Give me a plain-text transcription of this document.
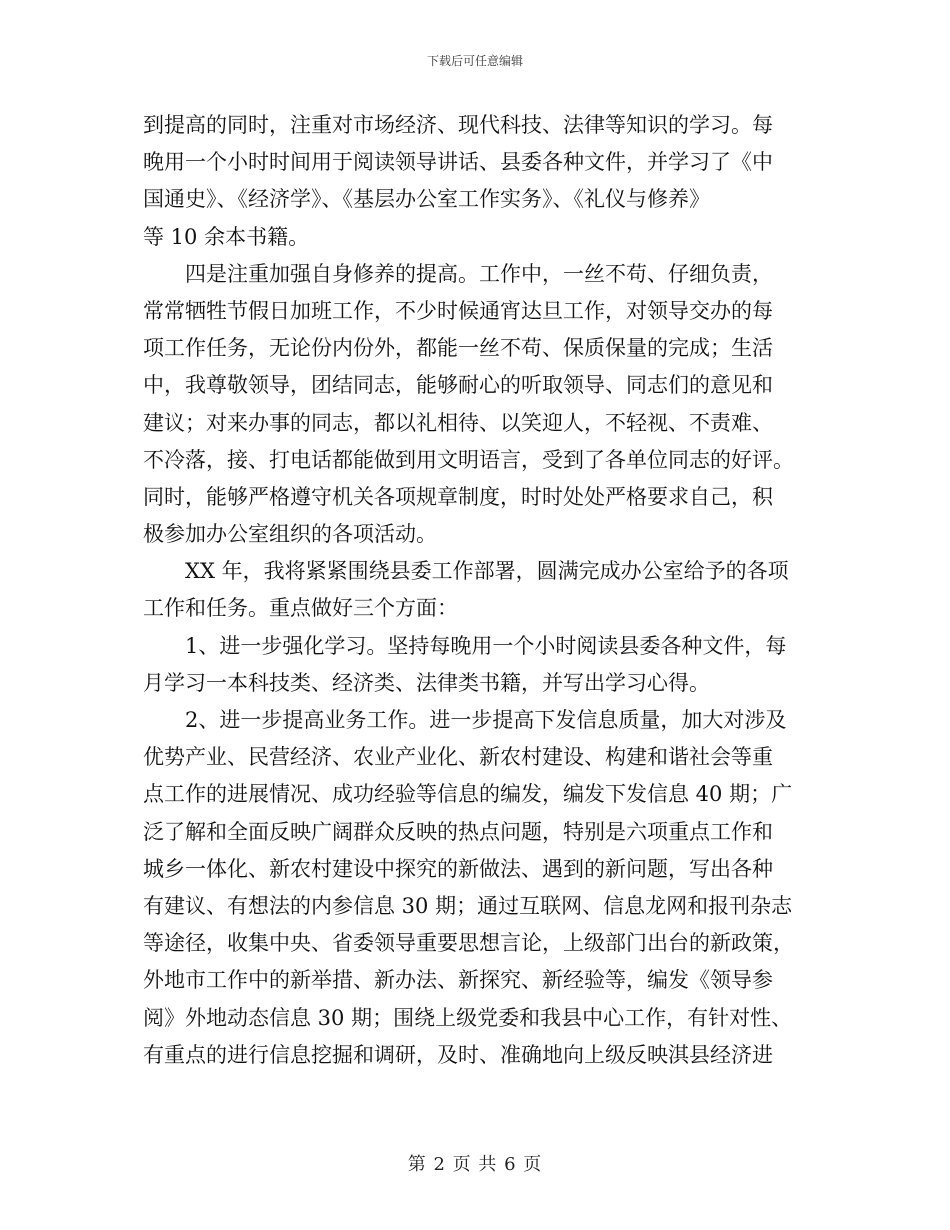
下载后可任意编辑

到提高的同时，注重对市场经济、现代科技、法律等知识的学习。每
晚用一个小时时间用于阅读领导讲话、县委各种文件，并学习了《中
国通史》、《经济学》、《基层办公室工作实务》、《礼仪与修养》
等 10 余本书籍。

四是注重加强自身修养的提高。工作中，一丝不苟、仔细负责，
常常牺牲节假日加班工作，不少时候通宵达旦工作，对领导交办的每
项工作任务，无论份内份外，都能一丝不苟、保质保量的完成；生活
中，我尊敬领导，团结同志，能够耐心的听取领导、同志们的意见和
建议；对来办事的同志，都以礼相待、以笑迎人，不轻视、不责难、
不冷落，接、打电话都能做到用文明语言，受到了各单位同志的好评。
同时，能够严格遵守机关各项规章制度，时时处处严格要求自己，积
极参加办公室组织的各项活动。

XX 年，我将紧紧围绕县委工作部署，圆满完成办公室给予的各项
工作和任务。重点做好三个方面：

1、进一步强化学习。坚持每晚用一个小时阅读县委各种文件，每
月学习一本科技类、经济类、法律类书籍，并写出学习心得。

2、进一步提高业务工作。进一步提高下发信息质量，加大对涉及
优势产业、民营经济、农业产业化、新农村建设、构建和谐社会等重
点工作的进展情况、成功经验等信息的编发，编发下发信息 40 期；广
泛了解和全面反映广阔群众反映的热点问题，特别是六项重点工作和
城乡一体化、新农村建设中探究的新做法、遇到的新问题，写出各种
有建议、有想法的内参信息 30 期；通过互联网、信息龙网和报刊杂志
等途径，收集中央、省委领导重要思想言论，上级部门出台的新政策，
外地市工作中的新举措、新办法、新探究、新经验等，编发《领导参
阅》外地动态信息 30 期；围绕上级党委和我县中心工作，有针对性、
有重点的进行信息挖掘和调研，及时、准确地向上级反映淇县经济进

第 2 页 共 6 页
